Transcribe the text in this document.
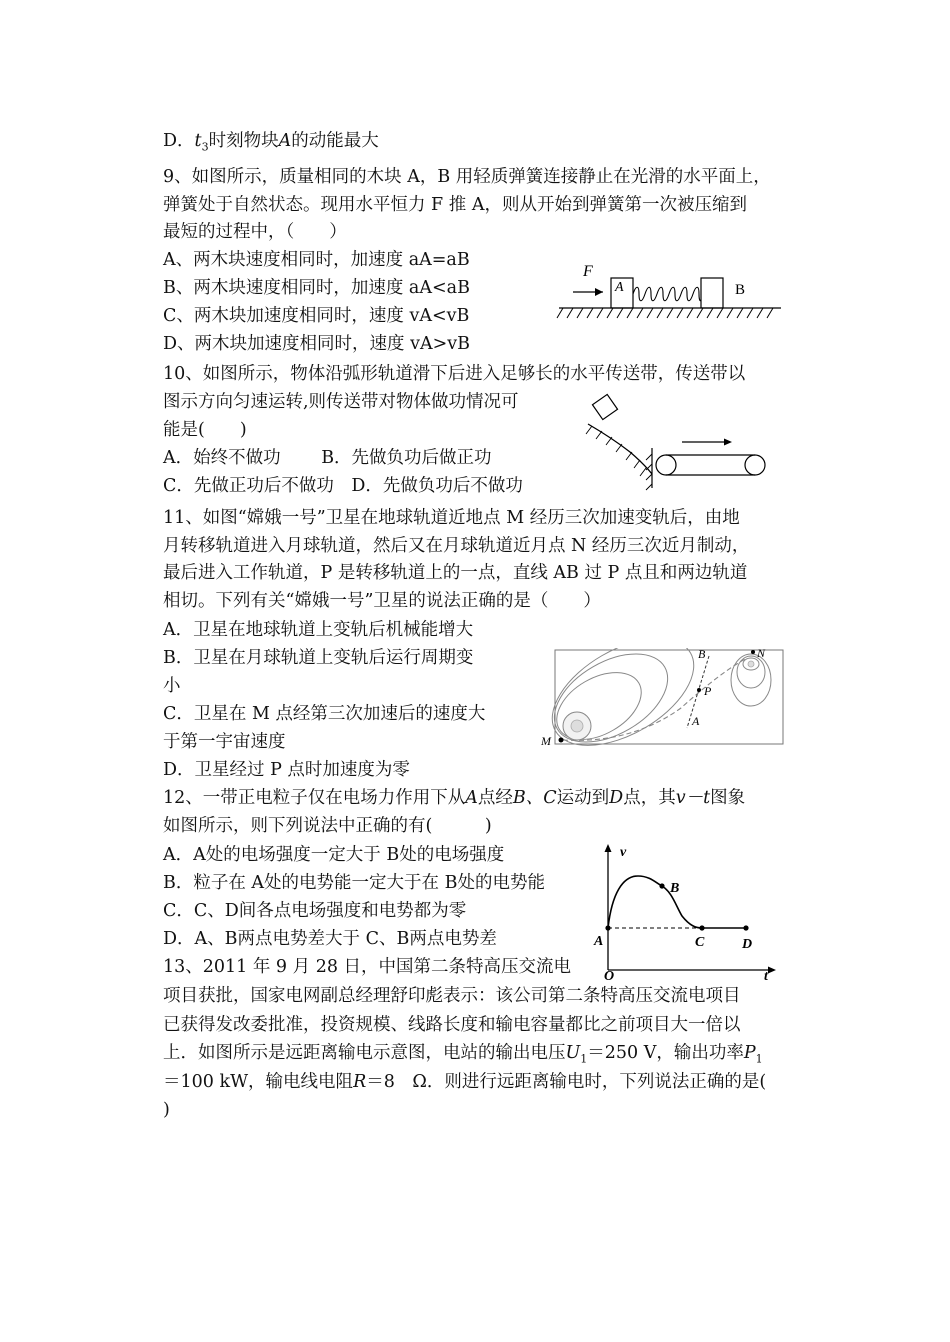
D．$t_3$时刻物块A的动能最大
9、如图所示，质量相同的木块 A，B 用轻质弹簧连接静止在光滑的水平面上，
弹簧处于自然状态。现用水平恒力 F 推 A，则从开始到弹簧第一次被压缩到
最短的过程中，（　　）
A、两木块速度相同时，加速度 aA=aB
B、两木块速度相同时，加速度 aA<aB
C、两木块加速度相同时，速度 vA<vB
D、两木块加速度相同时，速度 vA>vB
F
A	B
10、如图所示，物体沿弧形轨道滑下后进入足够长的水平传送带，传送带以
图示方向匀速运转,则传送带对物体做功情况可
能是(　　)
A．始终不做功　　 B．先做负功后做正功
C．先做正功后不做功　D．先做负功后不做功
11、如图“嫦娥一号”卫星在地球轨道近地点 M 经历三次加速变轨后，由地
月转移轨道进入月球轨道，然后又在月球轨道近月点 N 经历三次近月制动，
最后进入工作轨道，P 是转移轨道上的一点，直线 AB 过 P 点且和两边轨道
相切。下列有关“嫦娥一号”卫星的说法正确的是（　　）
A．卫星在地球轨道上变轨后机械能增大
B．卫星在月球轨道上变轨后运行周期变
小
C．卫星在 M 点经第三次加速后的速度大
于第一宇宙速度
D．卫星经过 P 点时加速度为零
B	N
P
A
M
12、一带正电粒子仅在电场力作用下从A点经B、C运动到D点，其v－t图象
如图所示，则下列说法中正确的有(　　　)
A．A处的电场强度一定大于 B处的电场强度
B．粒子在 A处的电势能一定大于在 B处的电势能
C．C、D间各点电场强度和电势都为零
D．A、B两点电势差大于 C、B两点电势差
v
t
O
A
B
C	D
13、2011 年 9 月 28 日，中国第二条特高压交流电
项目获批，国家电网副总经理舒印彪表示：该公司第二条特高压交流电项目
已获得发改委批准，投资规模、线路长度和输电容量都比之前项目大一倍以
上．如图所示是远距离输电示意图，电站的输出电压$U_1=250$ V，输出功率$P_1$
＝100 kW，输电线电阻R＝8　Ω．则进行远距离输电时，下列说法正确的是(
)
